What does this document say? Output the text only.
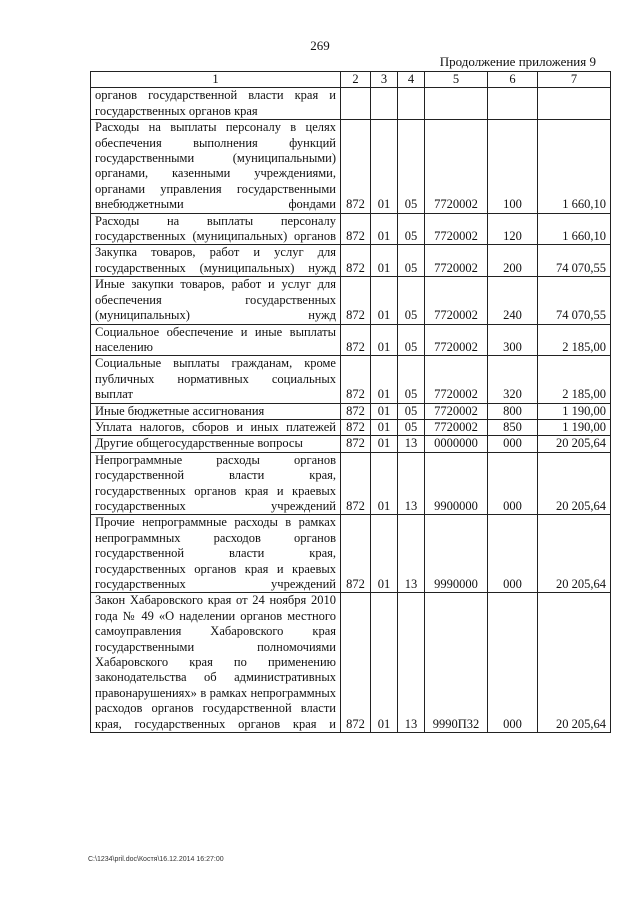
269
Продолжение приложения 9
1	2	3	4	5	6	7
органов государственной власти края и государственных органов края						
Расходы на выплаты персоналу в целях обеспечения выполнения функций государственными (муниципальными) органами, казенными учреждениями, органами управления государственными внебюджетными фондами	872	01	05	7720002	100	1 660,10
Расходы на выплаты персоналу государственных (муниципальных) органов	872	01	05	7720002	120	1 660,10
Закупка товаров, работ и услуг для государственных (муниципальных) нужд	872	01	05	7720002	200	74 070,55
Иные закупки товаров, работ и услуг для обеспечения государственных (муниципальных) нужд	872	01	05	7720002	240	74 070,55
Социальное обеспечение и иные выплаты населению	872	01	05	7720002	300	2 185,00
Социальные выплаты гражданам, кроме публичных нормативных социальных выплат	872	01	05	7720002	320	2 185,00
Иные бюджетные ассигнования	872	01	05	7720002	800	1 190,00
Уплата налогов, сборов и иных платежей	872	01	05	7720002	850	1 190,00
Другие общегосударственные вопросы	872	01	13	0000000	000	20 205,64
Непрограммные расходы органов государственной власти края, государственных органов края и краевых государственных учреждений	872	01	13	9900000	000	20 205,64
Прочие непрограммные расходы в рамках непрограммных расходов органов государственной власти края, государственных органов края и краевых государственных учреждений	872	01	13	9990000	000	20 205,64
Закон Хабаровского края от 24 ноября 2010 года № 49 «О наделении органов местного самоуправления Хабаровского края государственными полномочиями Хабаровского края по применению законодательства об административных правонарушениях» в рамках непрограммных расходов органов государственной власти края, государственных органов края и	872	01	13	9990П32	000	20 205,64
C:\1234\pril.doc\Костя\16.12.2014 16:27:00
